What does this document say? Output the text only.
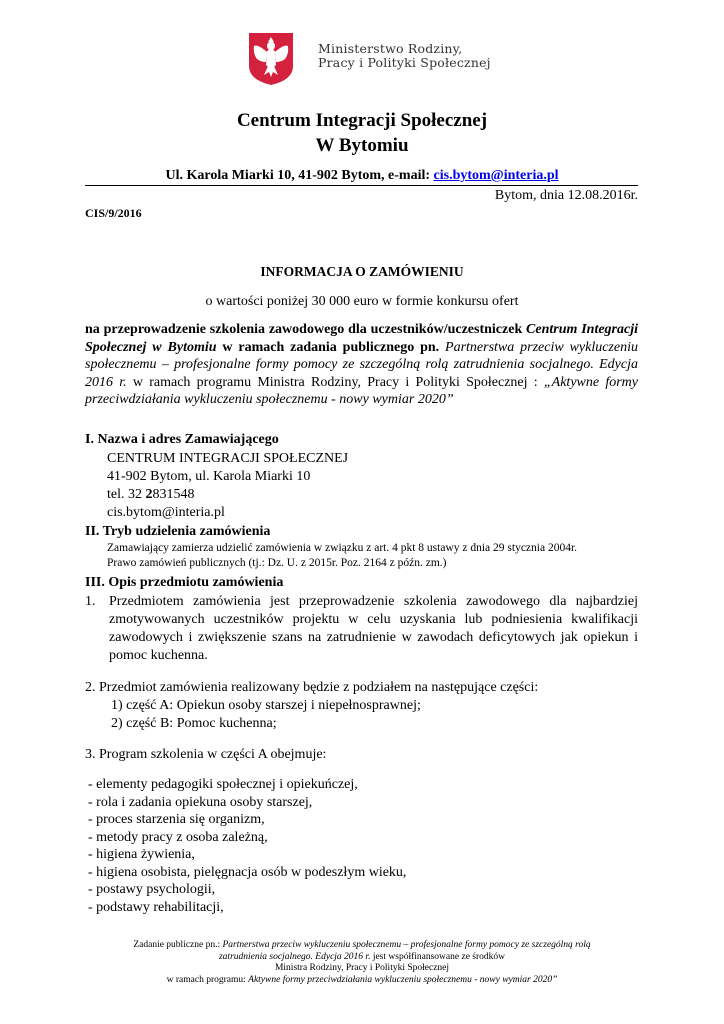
Ministerstwo Rodziny,
Pracy i Polityki Społecznej
Centrum Integracji Społecznej
W Bytomiu
Ul. Karola Miarki 10, 41-902 Bytom, e-mail: cis.bytom@interia.pl
Bytom, dnia 12.08.2016r.
CIS/9/2016
INFORMACJA O ZAMÓWIENIU
o wartości poniżej 30 000 euro w formie konkursu ofert
na przeprowadzenie szkolenia zawodowego dla uczestników/uczestniczek Centrum Integracji Społecznej w Bytomiu w ramach zadania publicznego pn. Partnerstwa przeciw wykluczeniu społecznemu – profesjonalne formy pomocy ze szczególną rolą zatrudnienia socjalnego. Edycja 2016 r. w ramach programu Ministra Rodziny, Pracy i Polityki Społecznej : „Aktywne formy przeciwdziałania wykluczeniu społecznemu - nowy wymiar 2020”
I. Nazwa i adres Zamawiającego
CENTRUM INTEGRACJI SPOŁECZNEJ
41-902 Bytom, ul. Karola Miarki 10
tel. 32 2831548
cis.bytom@interia.pl
II. Tryb udzielenia zamówienia
Zamawiający zamierza udzielić zamówienia w związku z art. 4 pkt 8 ustawy z dnia 29 stycznia 2004r.
Prawo zamówień publicznych (tj.: Dz. U. z 2015r. Poz. 2164 z późn. zm.)
III. Opis przedmiotu zamówienia
1. Przedmiotem zamówienia jest przeprowadzenie szkolenia zawodowego dla najbardziej zmotywowanych uczestników projektu w celu uzyskania lub podniesienia kwalifikacji zawodowych i zwiększenie szans na zatrudnienie w zawodach deficytowych jak opiekun i pomoc kuchenna.
2. Przedmiot zamówienia realizowany będzie z podziałem na następujące części:
1) część A: Opiekun osoby starszej i niepełnosprawnej;
2) część B: Pomoc kuchenna;
3. Program szkolenia w części A obejmuje:
- elementy pedagogiki społecznej i opiekuńczej,
- rola i zadania opiekuna osoby starszej,
- proces starzenia się organizm,
- metody pracy z osoba zależną,
- higiena żywienia,
- higiena osobista, pielęgnacja osób w podeszłym wieku,
- postawy psychologii,
- podstawy rehabilitacji,
Zadanie publiczne pn.: Partnerstwa przeciw wykluczeniu społecznemu – profesjonalne formy pomocy ze szczególną rolą
zatrudnienia socjalnego. Edycja 2016 r. jest współfinansowane ze środków
Ministra Rodziny, Pracy i Polityki Społecznej
w ramach programu: Aktywne formy przeciwdziałania wykluczeniu społecznemu - nowy wymiar 2020”
